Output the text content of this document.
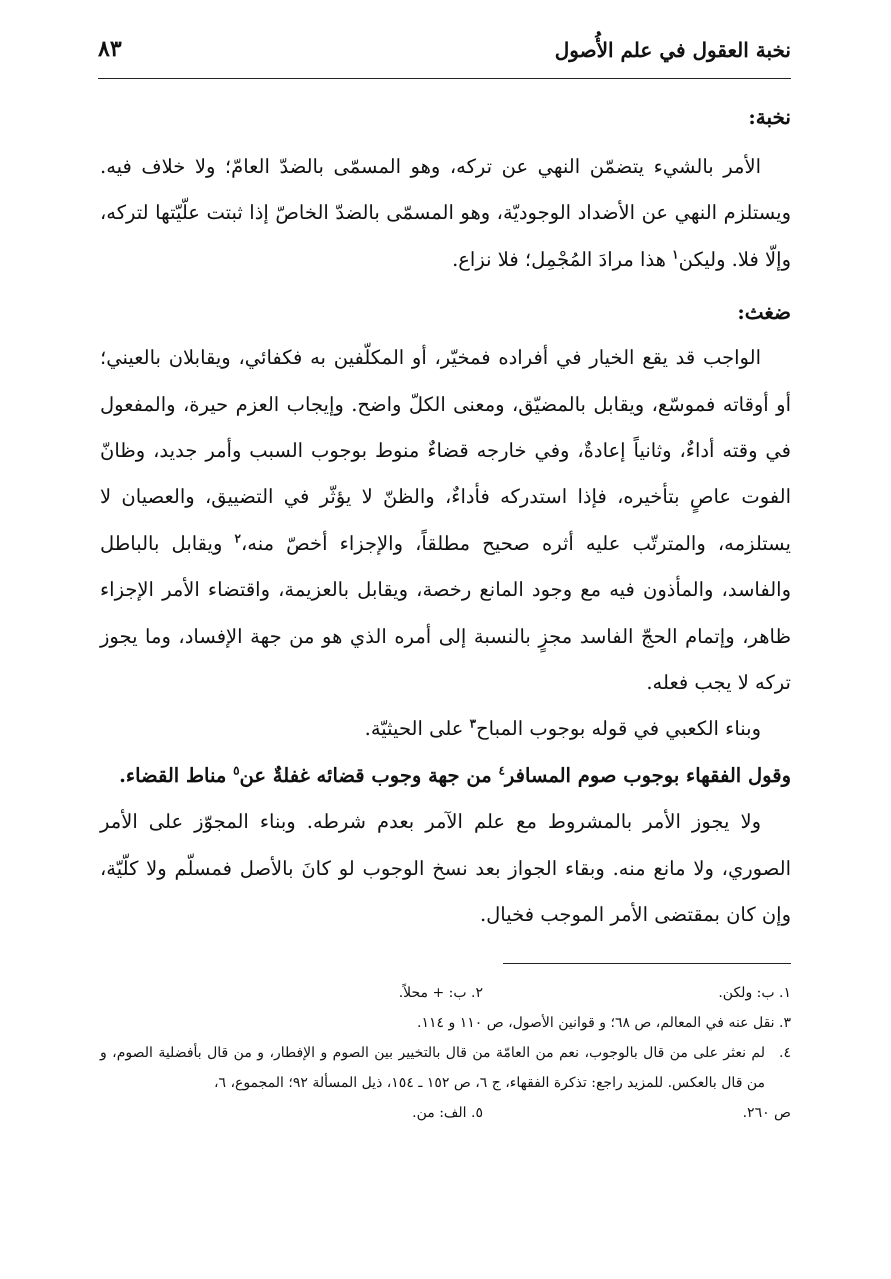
نخبة العقول في علم الأُصول
٨٣

نخبة:

الأمر بالشيء يتضمّن النهي عن تركه، وهو المسمّى بالضدّ العامّ؛ ولا خلاف فيه. ويستلزم النهي عن الأضداد الوجوديّة، وهو المسمّى بالضدّ الخاصّ إذا ثبتت علّيّتها لتركه، وإلّا فلا. وليكن$^١$ هذا مرادَ المُجْمِل؛ فلا نزاع.

ضغث:

الواجب قد يقع الخيار في أفراده فمخيّر، أو المكلّفين به فكفائي، ويقابلان بالعيني؛ أو أوقاته فموسّع، ويقابل بالمضيّق، ومعنى الكلّ واضح. وإيجاب العزم حيرة، والمفعول في وقته أداءٌ، وثانياً إعادةٌ، وفي خارجه قضاءٌ منوط بوجوب السبب وأمر جديد، وظانّ الفوت عاصٍ بتأخيره، فإذا استدركه فأداءٌ، والظنّ لا يؤثّر في التضييق، والعصيان لا يستلزمه، والمترتّب عليه أثره صحيح مطلقاً، والإجزاء أخصّ منه،$^٢$ ويقابل بالباطل والفاسد، والمأذون فيه مع وجود المانع رخصة، ويقابل بالعزيمة، واقتضاء الأمر الإجزاء ظاهر، وإتمام الحجّ الفاسد مجزٍ بالنسبة إلى أمره الذي هو من جهة الإفساد، وما يجوز تركه لا يجب فعله.

وبناء الكعبي في قوله بوجوب المباح$^٣$ على الحيثيّة.

وقول الفقهاء بوجوب صوم المسافر$^٤$ من جهة وجوب قضائه غفلةٌ عن$^٥$ مناط القضاء.

ولا يجوز الأمر بالمشروط مع علم الآمر بعدم شرطه. وبناء المجوّز على الأمر الصوري، ولا مانع منه. وبقاء الجواز بعد نسخ الوجوب لو كانَ بالأصل فمسلّم ولا كلّيّة، وإن كان بمقتضى الأمر الموجب فخيال.

١. ب: ولكن.
٢. ب: + محلاً.

٣. نقل عنه في المعالم، ص ٦٨؛ و قوانين الأصول، ص ١١٠ و ١١٤.

٤.
لم نعثر على من قال بالوجوب، نعم من العامّة من قال بالتخيير بين الصوم و الإفطار، و من قال بأفضلية الصوم، و من قال بالعكس. للمزيد راجع: تذكرة الفقهاء، ج ٦، ص ١٥٢ ـ ١٥٤، ذيل المسألة ٩٢؛ المجموع، ٦،
ص ٢٦٠.
٥. الف: من.
